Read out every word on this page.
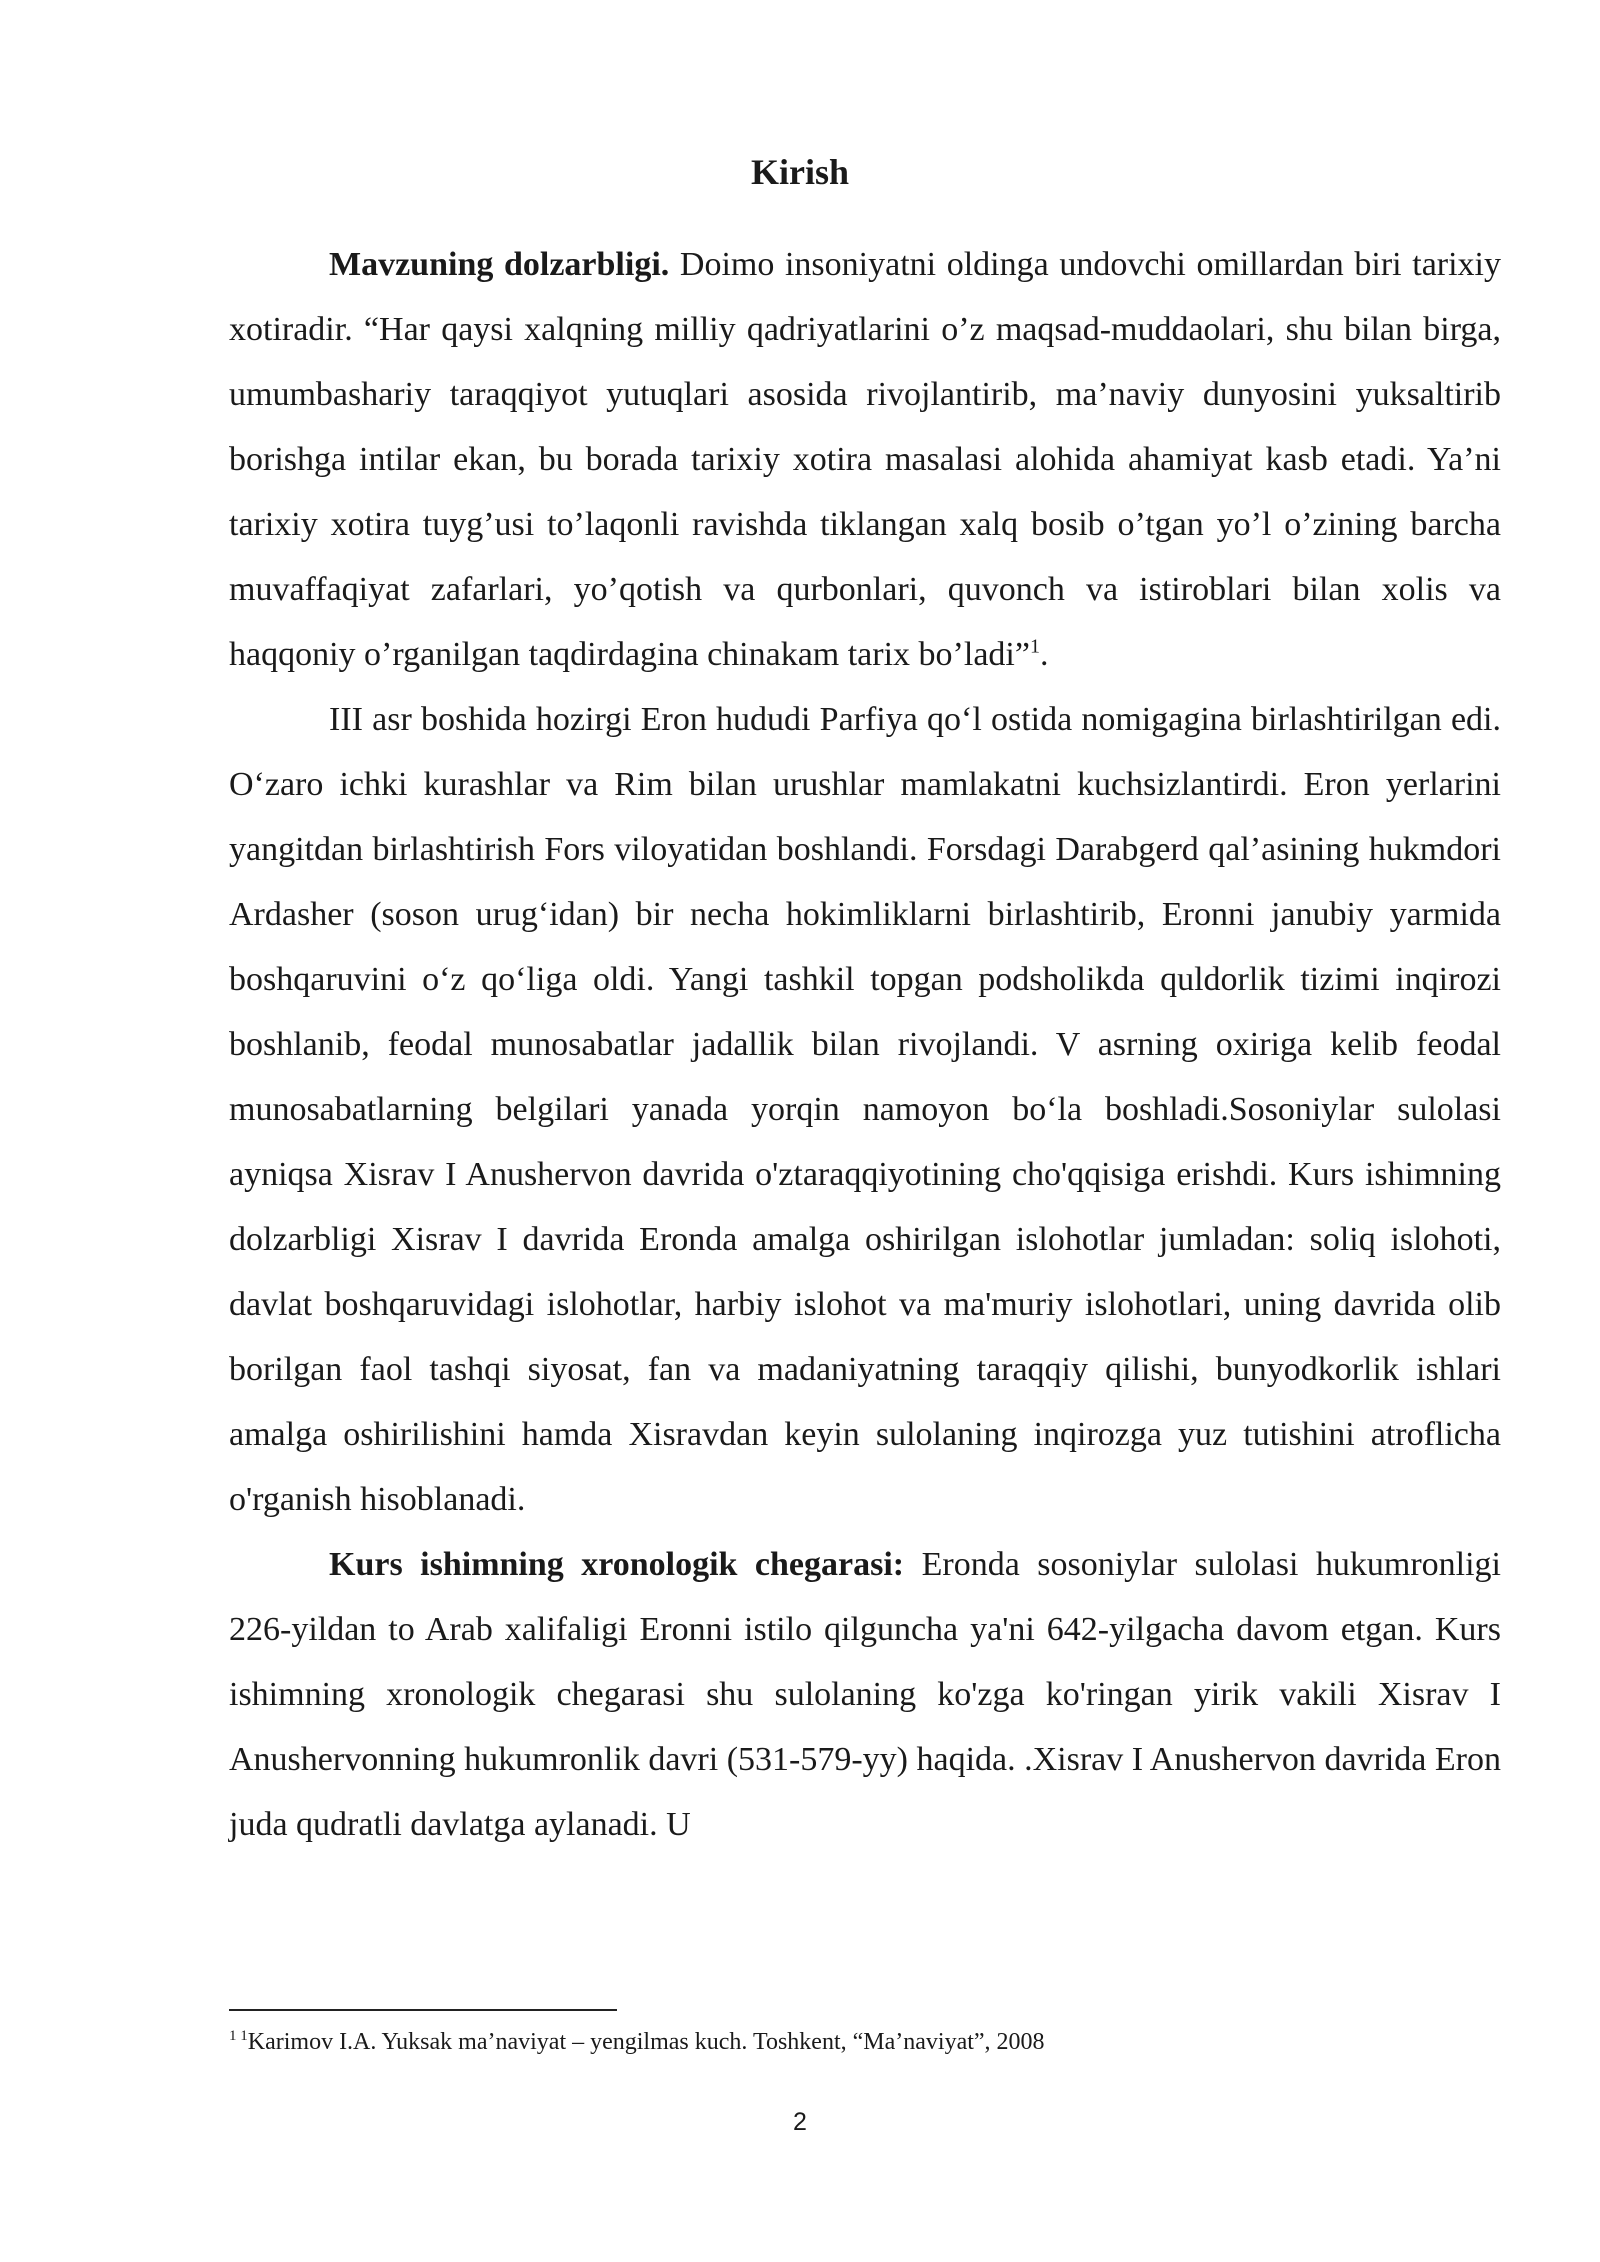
Kirish

Mavzuning dolzarbligi. Doimo insoniyatni oldinga undovchi omillardan biri tarixiy xotiradir. “Har qaysi xalqning milliy qadriyatlarini o’z maqsad-muddaolari, shu bilan birga, umumbashariy taraqqiyot yutuqlari asosida rivojlantirib, ma’naviy dunyosini yuksaltirib borishga intilar ekan, bu borada tarixiy xotira masalasi alohida ahamiyat kasb etadi. Ya’ni tarixiy xotira tuyg’usi to’laqonli ravishda tiklangan xalq bosib o’tgan yo’l o’zining barcha muvaffaqiyat zafarlari, yo’qotish va qurbonlari, quvonch va istiroblari bilan xolis va haqqoniy o’rganilgan taqdirdagina chinakam tarix bo’ladi”$^1$.

III asr boshida hozirgi Eron hududi Parfiya qo‘l ostida nomigagina birlashtirilgan edi. O‘zaro ichki kurashlar va Rim bilan urushlar mamlakatni kuchsizlantirdi. Eron yerlarini yangitdan birlashtirish Fors viloyatidan boshlandi. Forsdagi Darabgerd qal’asining hukmdori Ardasher (soson urug‘idan) bir necha hokimliklarni birlashtirib, Eronni janubiy yarmida boshqaruvini o‘z qo‘liga oldi. Yangi tashkil topgan podsholikda quldorlik tizimi inqirozi boshlanib, feodal munosabatlar jadallik bilan rivojlandi. V asrning oxiriga kelib feodal munosabatlarning belgilari yanada yorqin namoyon bo‘la boshladi.Sosoniylar sulolasi ayniqsa Xisrav I Anushervon davrida o'ztaraqqiyotining cho'qqisiga erishdi. Kurs ishimning dolzarbligi Xisrav I davrida Eronda amalga oshirilgan islohotlar jumladan: soliq islohoti, davlat boshqaruvidagi islohotlar, harbiy islohot va ma'muriy islohotlari, uning davrida olib borilgan faol tashqi siyosat, fan va madaniyatning taraqqiy qilishi, bunyodkorlik ishlari amalga oshirilishini hamda Xisravdan keyin sulolaning inqirozga yuz tutishini atroflicha o'rganish hisoblanadi.

Kurs ishimning xronologik chegarasi: Eronda sosoniylar sulolasi hukumronligi 226-yildan to Arab xalifaligi Eronni istilo qilguncha ya'ni 642-yilgacha davom etgan. Kurs ishimning xronologik chegarasi shu sulolaning ko'zga ko'ringan yirik vakili Xisrav I Anushervonning hukumronlik davri (531-579-yy) haqida. .Xisrav I Anushervon davrida Eron juda qudratli davlatga aylanadi. U

$^{1 1}$Karimov I.A. Yuksak ma’naviyat – yengilmas kuch. Toshkent, “Ma’naviyat”, 2008
2
